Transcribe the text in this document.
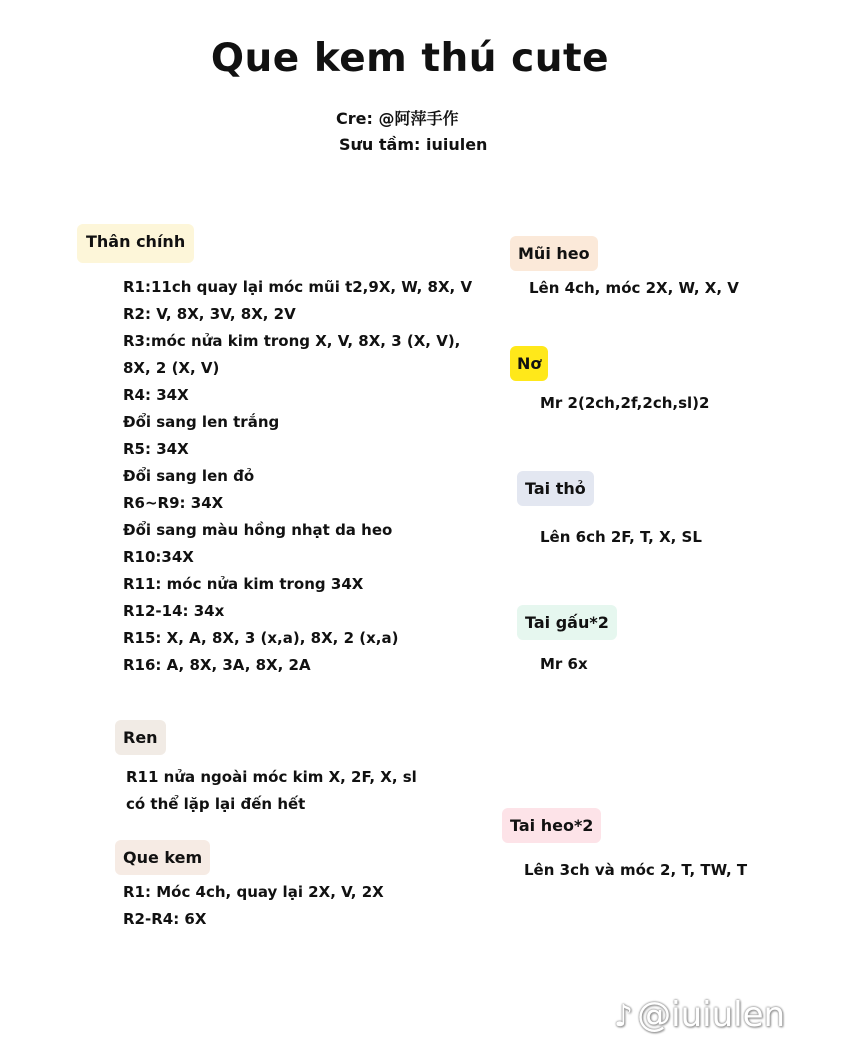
Que kem thú cute
Cre: @阿萍手作
Sưu tầm: iuiulen
Thân chính
R1:11ch quay lại móc mũi t2,9X, W, 8X, V
R2: V, 8X, 3V, 8X, 2V
R3:móc nửa kim trong X, V, 8X, 3 (X, V),
8X, 2 (X, V)
R4: 34X
Đổi sang len trắng
R5: 34X
Đổi sang len đỏ
R6~R9: 34X
Đổi sang màu hồng nhạt da heo
R10:34X
R11: móc nửa kim trong 34X
R12-14: 34x
R15: X, A, 8X, 3 (x,a), 8X, 2 (x,a)
R16: A, 8X, 3A, 8X, 2A
Ren
R11 nửa ngoài móc kim X, 2F, X, sl
có thể lặp lại đến hết
Que kem
R1: Móc 4ch, quay lại 2X, V, 2X
R2-R4: 6X
Mũi heo
Lên 4ch, móc 2X, W, X, V
Nơ
Mr 2(2ch,2f,2ch,sl)2
Tai thỏ
Lên 6ch 2F, T, X, SL
Tai gấu*2
Mr 6x
Tai heo*2
Lên 3ch và móc 2, T, TW, T
♪ @iuiulen
